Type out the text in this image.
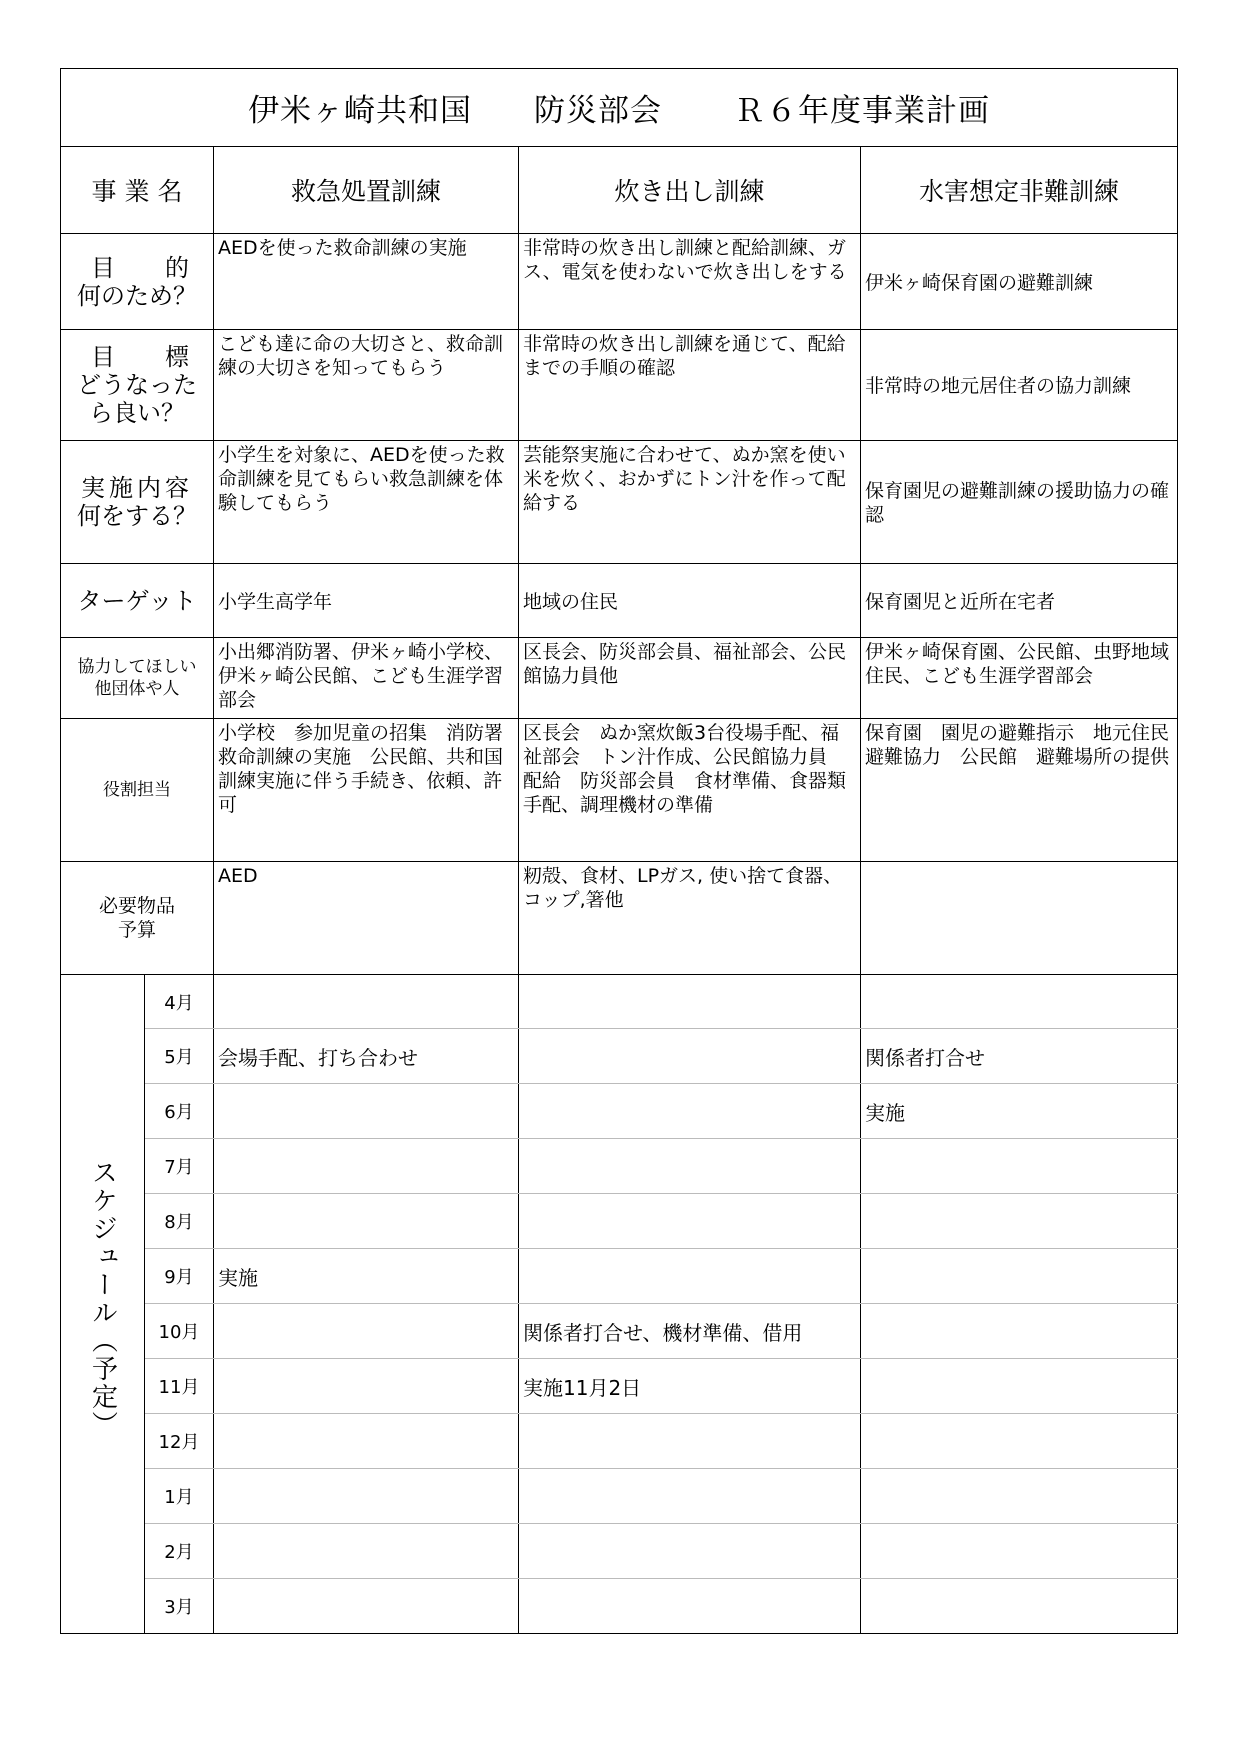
伊米ヶ崎共和国 防災部会 Ｒ６年度事業計画				
事 業 名		救急処置訓練	炊き出し訓練	水害想定非難訓練

目 的
何のため？		AEDを使った救命訓練の実施	非常時の炊き出し訓練と配給訓練、ガス、電気を使わないで炊き出しをする	伊米ヶ崎保育園の避難訓練

目 標
どうなった
ら良い？		こども達に命の大切さと、救命訓練の大切さを知ってもらう	非常時の炊き出し訓練を通じて、配給までの手順の確認	非常時の地元居住者の協力訓練

実施内容
何をする？		小学生を対象に、AEDを使った救命訓練を見てもらい救急訓練を体験してもらう	芸能祭実施に合わせて、ぬか窯を使い米を炊く、おかずにトン汁を作って配給する	保育園児の避難訓練の援助協力の確認
ターゲット		小学生高学年	地域の住民	保育園児と近所在宅者

協力してほしい
他団体や人		小出郷消防署、伊米ヶ崎小学校、伊米ヶ崎公民館、こども生涯学習部会	区長会、防災部会員、福祉部会、公民館協力員他	伊米ヶ崎保育園、公民館、虫野地域住民、こども生涯学習部会
役割担当		小学校　参加児童の招集　消防署　 救命訓練の実施　公民館、共和国　訓練実施に伴う手続き、依頼、許可	区長会　ぬか窯炊飯3台役場手配、福祉部会　トン汁作成、公民館協力員　配給　防災部会員　食材準備、食器類手配、調理機材の準備	保育園　園児の避難指示　地元住民　避難協力　公民館　避難場所の提供

必要物品
予算		AED	籾殻、食材、LPガス, 使い捨て食器、コップ,箸他	
スケジュール（予定）	4月			
	5月	会場手配、打ち合わせ		関係者打合せ
	6月			実施
	7月			
	8月			
	9月	実施		
	10月		関係者打合せ、機材準備、借用	
	11月		実施11月2日	
	12月			
	1月			
	2月			
	3月			
